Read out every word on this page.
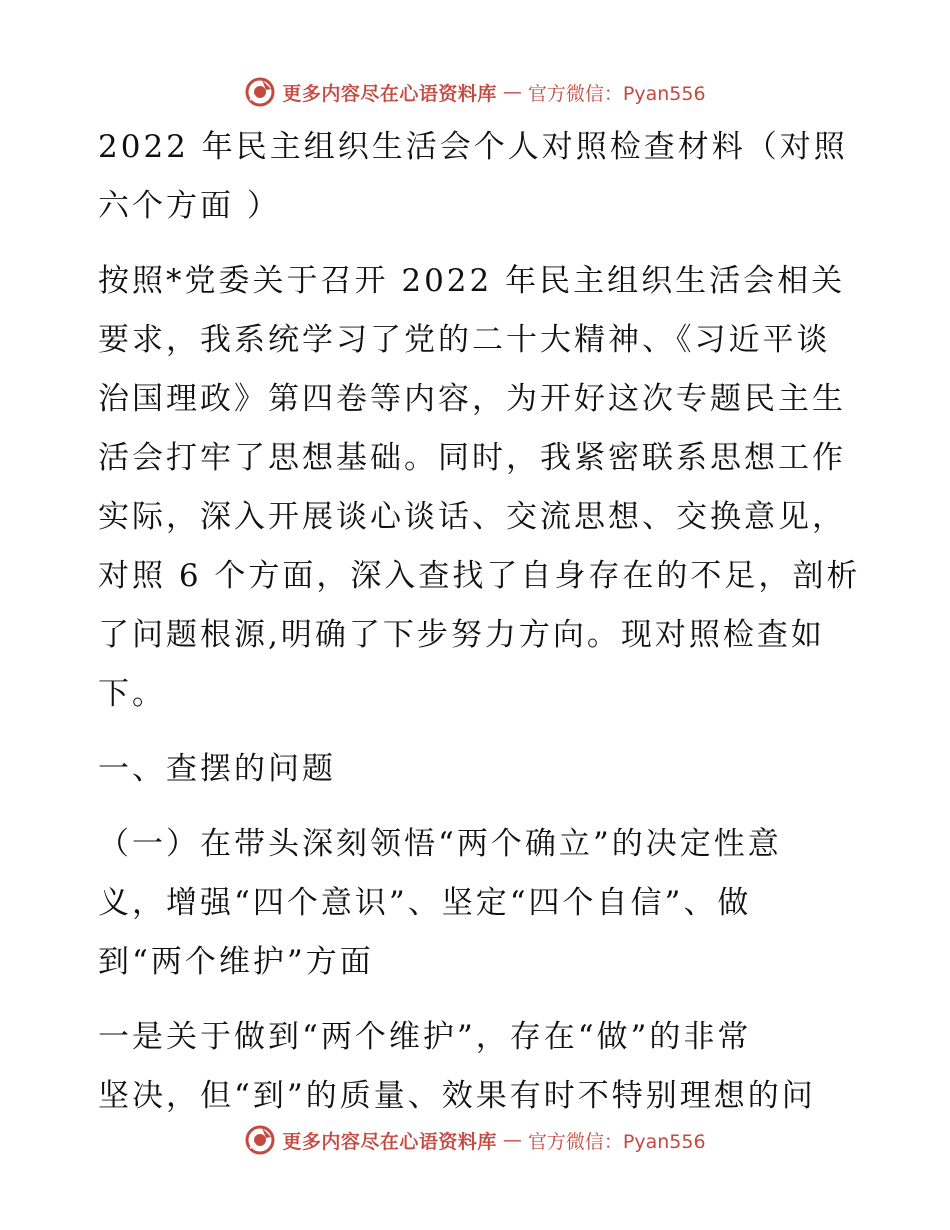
更多内容尽在心语资料库 — 官方微信：Pyan556
2022 年民主组织生活会个人对照检查材料（对照
六个方面 ）
按照*党委关于召开 2022 年民主组织生活会相关
要求，我系统学习了党的二十大精神、《习近平谈
治国理政》第四卷等内容，为开好这次专题民主生
活会打牢了思想基础。同时，我紧密联系思想工作
实际，深入开展谈心谈话、交流思想、交换意见，
对照 6 个方面，深入查找了自身存在的不足，剖析
了问题根源,明确了下步努力方向。现对照检查如
下。
一、查摆的问题
（一）在带头深刻领悟“两个确立”的决定性意
义，增强“四个意识”、坚定“四个自信”、做
到“两个维护”方面
一是关于做到“两个维护”，存在“做”的非常
坚决，但“到”的质量、效果有时不特别理想的问
更多内容尽在心语资料库 — 官方微信：Pyan556
